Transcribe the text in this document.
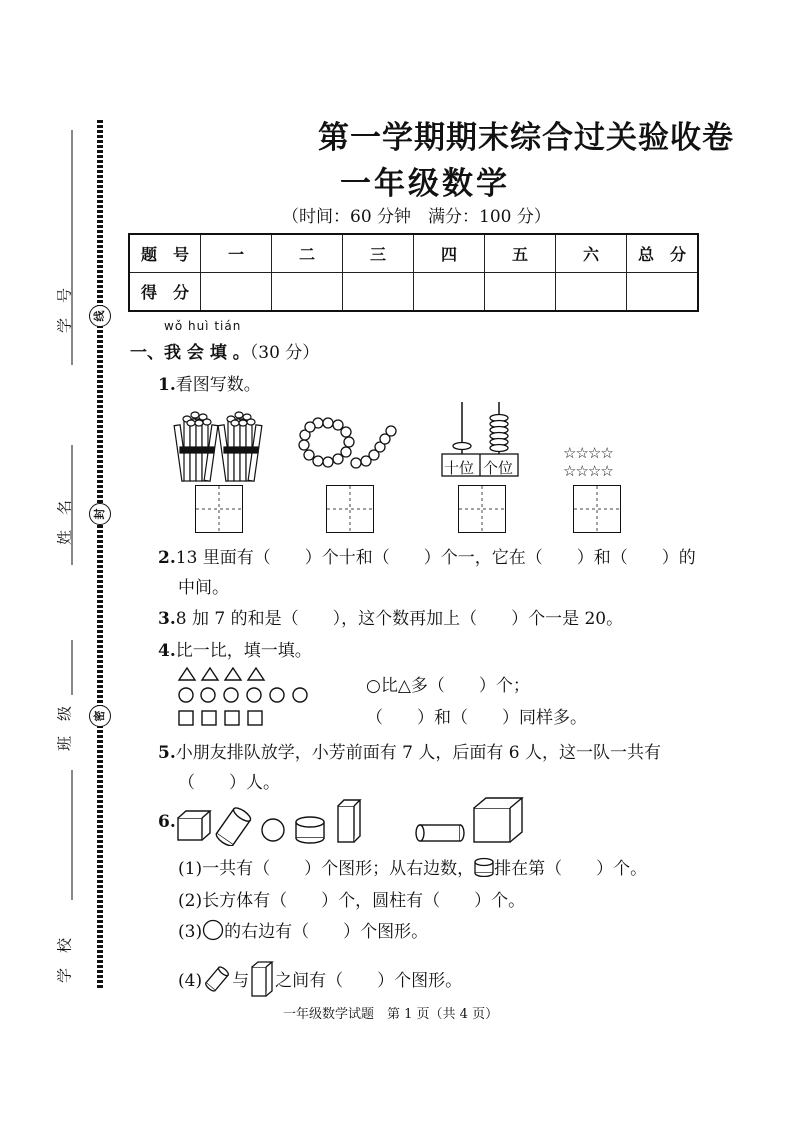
学　号
姓　名
班　级
学　校
线
封
密
第一学期期末综合过关验收卷
一年级数学
（时间：60 分钟　满分：100 分）
题　号	一	二	三	四	五	六	总　分
得　分							
wǒ huì tián
一、我 会 填 。（30 分）
1.看图写数。
十位 个位
☆☆☆☆
☆☆☆☆
2.13 里面有（　　）个十和（　　）个一，它在（　　）和（　　）的
中间。
3.8 加 7 的和是（　　），这个数再加上（　　）个一是 20。
4.比一比，填一填。
○比△多（　　）个；
（　　）和（　　）同样多。
5.小朋友排队放学，小芳前面有 7 人，后面有 6 人，这一队一共有
（　　）人。
6.
(1)一共有（　　）个图形；从右边数， 排在第（　　）个。
(2)长方体有（　　）个，圆柱有（　　）个。
(3) 的右边有（　　）个图形。
(4) 与 之间有（　　）个图形。
一年级数学试题　第 1 页（共 4 页）
